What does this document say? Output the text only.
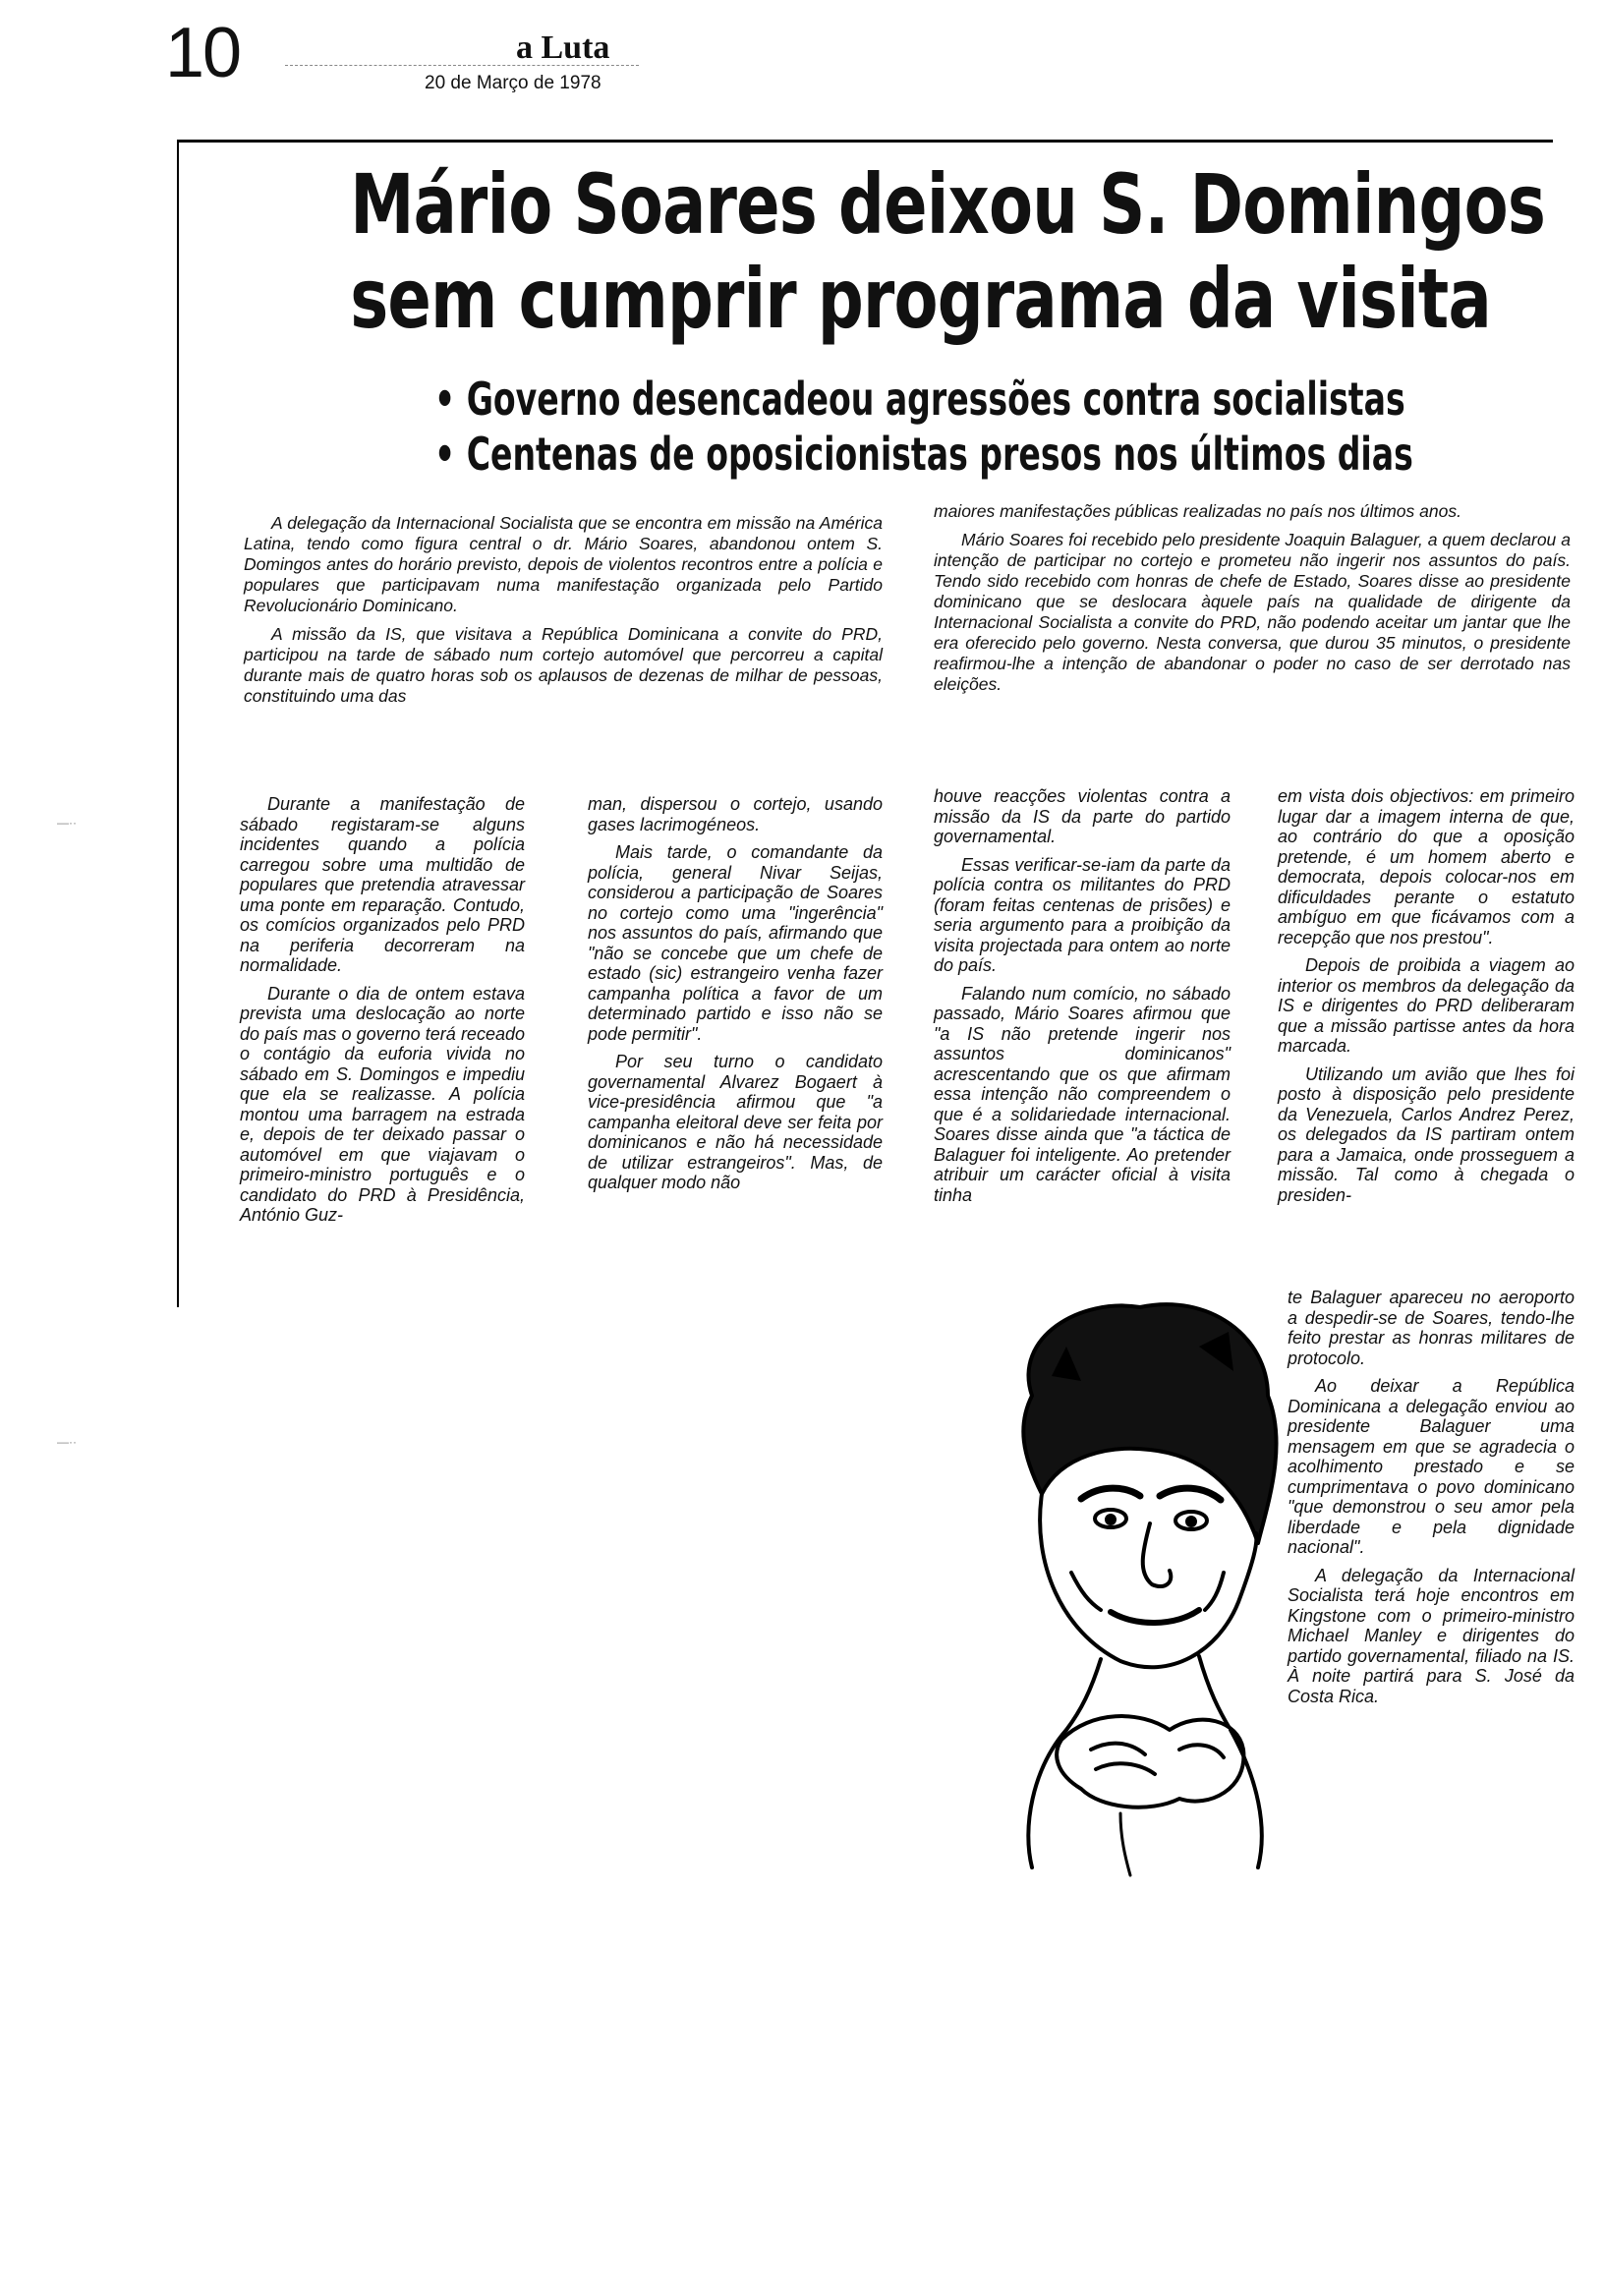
10	a Luta
20 de Março de 1978
Mário Soares deixou S. Domingos
sem cumprir programa da visita
• Governo desencadeou agressões contra socialistas
• Centenas de oposicionistas presos nos últimos dias

A delegação da Internacional Socialista que se encontra em missão na América Latina, tendo como figura central o dr. Mário Soares, abandonou ontem S. Domingos antes do horário previsto, depois de violentos recontros entre a polícia e populares que participavam numa manifestação organizada pelo Partido Revolucionário Dominicano.

A missão da IS, que visitava a República Dominicana a convite do PRD, participou na tarde de sábado num cortejo automóvel que percorreu a capital durante mais de quatro horas sob os aplausos de dezenas de milhar de pessoas, constituindo uma das

maiores manifestações públicas realizadas no país nos últimos anos.

Mário Soares foi recebido pelo presidente Joaquin Balaguer, a quem declarou a intenção de participar no cortejo e prometeu não ingerir nos assuntos do país. Tendo sido recebido com honras de chefe de Estado, Soares disse ao presidente dominicano que se deslocara àquele país na qualidade de dirigente da Internacional Socialista a convite do PRD, não podendo aceitar um jantar que lhe era oferecido pelo governo. Nesta conversa, que durou 35 minutos, o presidente reafirmou-lhe a intenção de abandonar o poder no caso de ser derrotado nas eleições.

Durante a manifestação de sábado registaram-se alguns incidentes quando a polícia carregou sobre uma multidão de populares que pretendia atravessar uma ponte em reparação. Contudo, os comícios organizados pelo PRD na periferia decorreram na normalidade.

Durante o dia de ontem estava prevista uma deslocação ao norte do país mas o governo terá receado o contágio da euforia vivida no sábado em S. Domingos e impediu que ela se realizasse. A polícia montou uma barragem na estrada e, depois de ter deixado passar o automóvel em que viajavam o primeiro-ministro português e o candidato do PRD à Presidência, António Guz-

man, dispersou o cortejo, usando gases lacrimogéneos.

Mais tarde, o comandante da polícia, general Nivar Seijas, considerou a participação de Soares no cortejo como uma "ingerência" nos assuntos do país, afirmando que "não se concebe que um chefe de estado (sic) estrangeiro venha fazer campanha política a favor de um determinado partido e isso não se pode permitir".

Por seu turno o candidato governamental Alvarez Bogaert à vice-presidência afirmou que "a campanha eleitoral deve ser feita por dominicanos e não há necessidade de utilizar estrangeiros". Mas, de qualquer modo não

houve reacções violentas contra a missão da IS da parte do partido governamental.

Essas verificar-se-iam da parte da polícia contra os militantes do PRD (foram feitas centenas de prisões) e seria argumento para a proibição da visita projectada para ontem ao norte do país.

Falando num comício, no sábado passado, Mário Soares afirmou que "a IS não pretende ingerir nos assuntos dominicanos" acrescentando que os que afirmam essa intenção não compreendem o que é a solidariedade internacional. Soares disse ainda que "a táctica de Balaguer foi inteligente. Ao pretender atribuir um carácter oficial à visita tinha

em vista dois objectivos: em primeiro lugar dar a imagem interna de que, ao contrário do que a oposição pretende, é um homem aberto e democrata, depois colocar-nos em dificuldades perante o estatuto ambíguo em que ficávamos com a recepção que nos prestou".

Depois de proibida a viagem ao interior os membros da delegação da IS e dirigentes do PRD deliberaram que a missão partisse antes da hora marcada.

Utilizando um avião que lhes foi posto à disposição pelo presidente da Venezuela, Carlos Andrez Perez, os delegados da IS partiram ontem para a Jamaica, onde prosseguem a missão. Tal como à chegada o presiden-

te Balaguer apareceu no aeroporto a despedir-se de Soares, tendo-lhe feito prestar as honras militares de protocolo.

Ao deixar a República Dominicana a delegação enviou ao presidente Balaguer uma mensagem em que se agradecia o acolhimento prestado e se cumprimentava o povo dominicano "que demonstrou o seu amor pela liberdade e pela dignidade nacional".

A delegação da Internacional Socialista terá hoje encontros em Kingstone com o primeiro-ministro Michael Manley e dirigentes do partido governamental, filiado na IS. À noite partirá para S. José da Costa Rica.

—··
—··
